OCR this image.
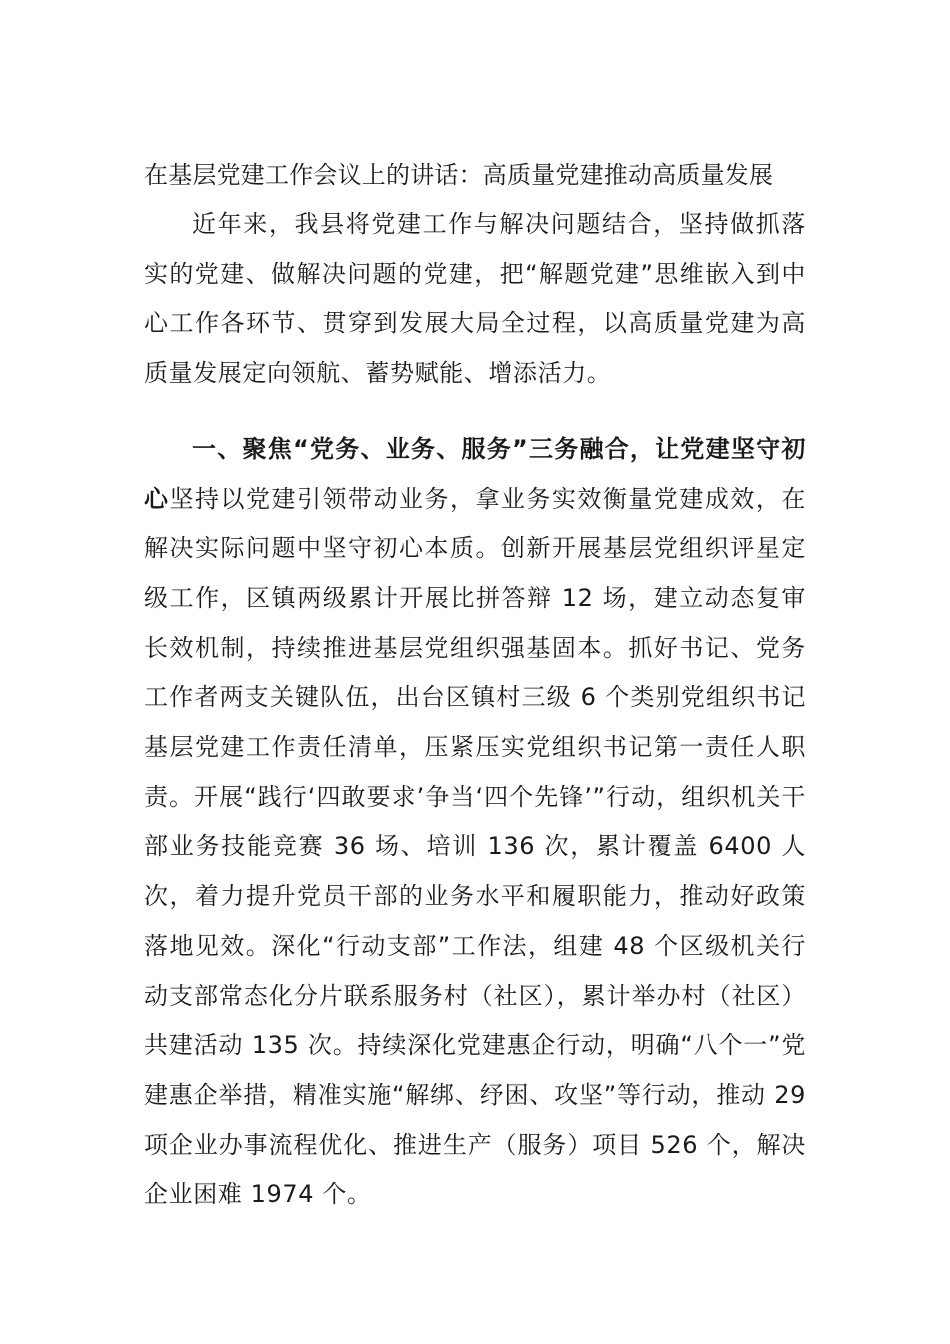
在基层党建工作会议上的讲话：高质量党建推动高质量发展

近年来，我县将党建工作与解决问题结合，坚持做抓落实的党建、做解决问题的党建，把“解题党建”思维嵌入到中心工作各环节、贯穿到发展大局全过程，以高质量党建为高质量发展定向领航、蓄势赋能、增添活力。

一、聚焦“党务、业务、服务”三务融合，让党建坚守初心坚持以党建引领带动业务，拿业务实效衡量党建成效，在解决实际问题中坚守初心本质。创新开展基层党组织评星定级工作，区镇两级累计开展比拼答辩 12 场，建立动态复审长效机制，持续推进基层党组织强基固本。抓好书记、党务工作者两支关键队伍，出台区镇村三级 6 个类别党组织书记基层党建工作责任清单，压紧压实党组织书记第一责任人职责。开展“践行‘四敢要求’争当‘四个先锋’”行动，组织机关干部业务技能竞赛 36 场、培训 136 次，累计覆盖 6400 人次，着力提升党员干部的业务水平和履职能力，推动好政策落地见效。深化“行动支部”工作法，组建 48 个区级机关行动支部常态化分片联系服务村（社区），累计举办村（社区）共建活动 135 次。持续深化党建惠企行动，明确“八个一”党建惠企举措，精准实施“解绑、纾困、攻坚”等行动，推动 29 项企业办事流程优化、推进生产（服务）项目 526 个，解决企业困难 1974 个。
